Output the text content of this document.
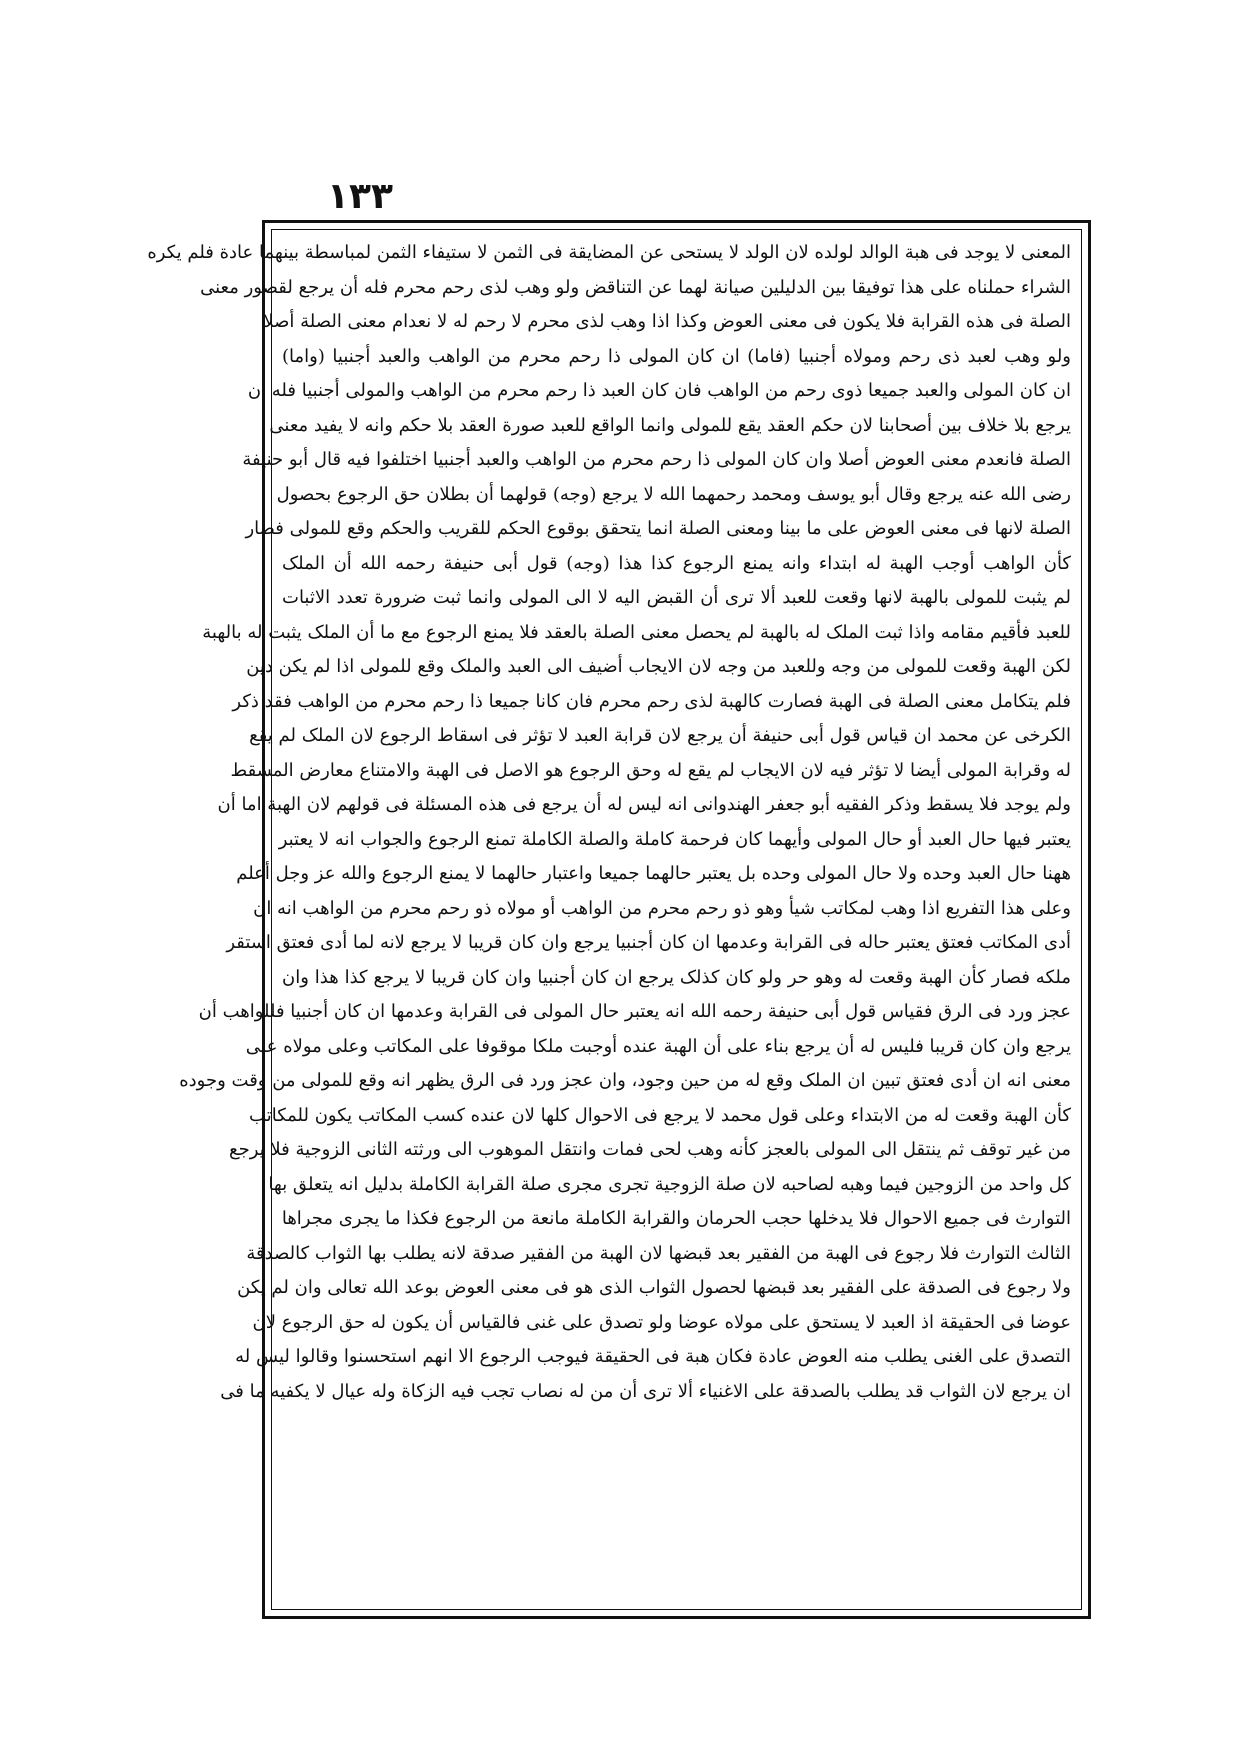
۱۳۳
المعنی لا یوجد فی هبة الوالد لولده لان الولد لا یستحی عن المضایقة فی الثمن لا ستیفاء الثمن لمباسطة بینهما عادة فلم یکره
الشراء حملناه علی هذا توفیقا بین الدلیلین صیانة لهما عن التناقض ولو وهب لذی رحم محرم فله أن یرجع لقصور معنی
الصلة فی هذه القرابة فلا یکون فی معنی العوض وکذا اذا وهب لذی محرم لا رحم له لا نعدام معنی الصلة أصلا
ولو وهب لعبد ذی رحم ومولاه أجنبیا (فاما) ان کان المولی ذا رحم محرم من الواهب والعبد أجنبیا (واما)
ان کان المولی والعبد جمیعا ذوی رحم من الواهب فان کان العبد ذا رحم محرم من الواهب والمولی أجنبیا فله أن
یرجع بلا خلاف بین أصحابنا لان حکم العقد یقع للمولی وانما الواقع للعبد صورة العقد بلا حکم وانه لا یفید معنی
الصلة فانعدم معنی العوض أصلا وان کان المولی ذا رحم محرم من الواهب والعبد أجنبیا اختلفوا فیه قال أبو حنیفة
رضی الله عنه یرجع وقال أبو یوسف ومحمد رحمهما الله لا یرجع (وجه) قولهما أن بطلان حق الرجوع بحصول
الصلة لانها فی معنی العوض علی ما بینا ومعنی الصلة انما یتحقق بوقوع الحکم للقریب والحکم وقع للمولی فصار
کأن الواهب أوجب الهبة له ابتداء وانه یمنع الرجوع کذا هذا (وجه) قول أبی حنیفة رحمه الله أن الملک
لم یثبت للمولی بالهبة لانها وقعت للعبد ألا تری أن القبض الیه لا الی المولی وانما ثبت ضرورة تعدد الاثبات
للعبد فأقیم مقامه واذا ثبت الملک له بالهبة لم یحصل معنی الصلة بالعقد فلا یمنع الرجوع مع ما أن الملک یثبت له بالهبة
لکن الهبة وقعت للمولی من وجه وللعبد من وجه لان الایجاب أضیف الی العبد والملک وقع للمولی اذا لم یکن دین
فلم یتکامل معنی الصلة فی الهبة فصارت کالهبة لذی رحم محرم فان کانا جمیعا ذا رحم محرم من الواهب فقد ذکر
الکرخی عن محمد ان قیاس قول أبی حنیفة أن یرجع لان قرابة العبد لا تؤثر فی اسقاط الرجوع لان الملک لم یقع
له وقرابة المولی أیضا لا تؤثر فیه لان الایجاب لم یقع له وحق الرجوع هو الاصل فی الهبة والامتناع معارض المسقط
ولم یوجد فلا یسقط وذکر الفقیه أبو جعفر الهندوانی انه لیس له أن یرجع فی هذه المسئلة فی قولهم لان الهبة اما أن
یعتبر فیها حال العبد أو حال المولی وأیهما کان فرحمة کاملة والصلة الکاملة تمنع الرجوع والجواب انه لا یعتبر
ههنا حال العبد وحده ولا حال المولی وحده بل یعتبر حالهما جمیعا واعتبار حالهما لا یمنع الرجوع والله عز وجل أعلم
وعلی هذا التفریع اذا وهب لمکاتب شیأ وهو ذو رحم محرم من الواهب أو مولاه ذو رحم محرم من الواهب انه ان
أدی المکاتب فعتق یعتبر حاله فی القرابة وعدمها ان کان أجنبیا یرجع وان کان قریبا لا یرجع لانه لما أدی فعتق استقر
ملکه فصار کأن الهبة وقعت له وهو حر ولو کان کذلک یرجع ان کان أجنبیا وان کان قریبا لا یرجع کذا هذا وان
عجز ورد فی الرق فقیاس قول أبی حنیفة رحمه الله انه یعتبر حال المولی فی القرابة وعدمها ان کان أجنبیا فللواهب أن
یرجع وان کان قریبا فلیس له أن یرجع بناء علی أن الهبة عنده أوجبت ملکا موقوفا علی المکاتب وعلی مولاه علی
معنی انه ان أدی فعتق تبین ان الملک وقع له من حین وجود، وان عجز ورد فی الرق یظهر انه وقع للمولی من وقت وجوده
کأن الهبة وقعت له من الابتداء وعلی قول محمد لا یرجع فی الاحوال کلها لان عنده کسب المکاتب یکون للمکاتب
من غیر توقف ثم ینتقل الی المولی بالعجز کأنه وهب لحی فمات وانتقل الموهوب الی ورثته الثانی الزوجیة فلا یرجع
کل واحد من الزوجین فیما وهبه لصاحبه لان صلة الزوجیة تجری مجری صلة القرابة الکاملة بدلیل انه یتعلق بها
التوارث فی جمیع الاحوال فلا یدخلها حجب الحرمان والقرابة الکاملة مانعة من الرجوع فکذا ما یجری مجراها
الثالث التوارث فلا رجوع فی الهبة من الفقیر بعد قبضها لان الهبة من الفقیر صدقة لانه یطلب بها الثواب کالصدقة
ولا رجوع فی الصدقة علی الفقیر بعد قبضها لحصول الثواب الذی هو فی معنی العوض بوعد الله تعالی وان لم یکن
عوضا فی الحقیقة اذ العبد لا یستحق علی مولاه عوضا ولو تصدق علی غنی فالقیاس أن یکون له حق الرجوع لان
التصدق علی الغنی یطلب منه العوض عادة فکان هبة فی الحقیقة فیوجب الرجوع الا انهم استحسنوا وقالوا لیس له
ان یرجع لان الثواب قد یطلب بالصدقة علی الاغنیاء ألا تری أن من له نصاب تجب فیه الزکاة وله عیال لا یکفیه ما فی
